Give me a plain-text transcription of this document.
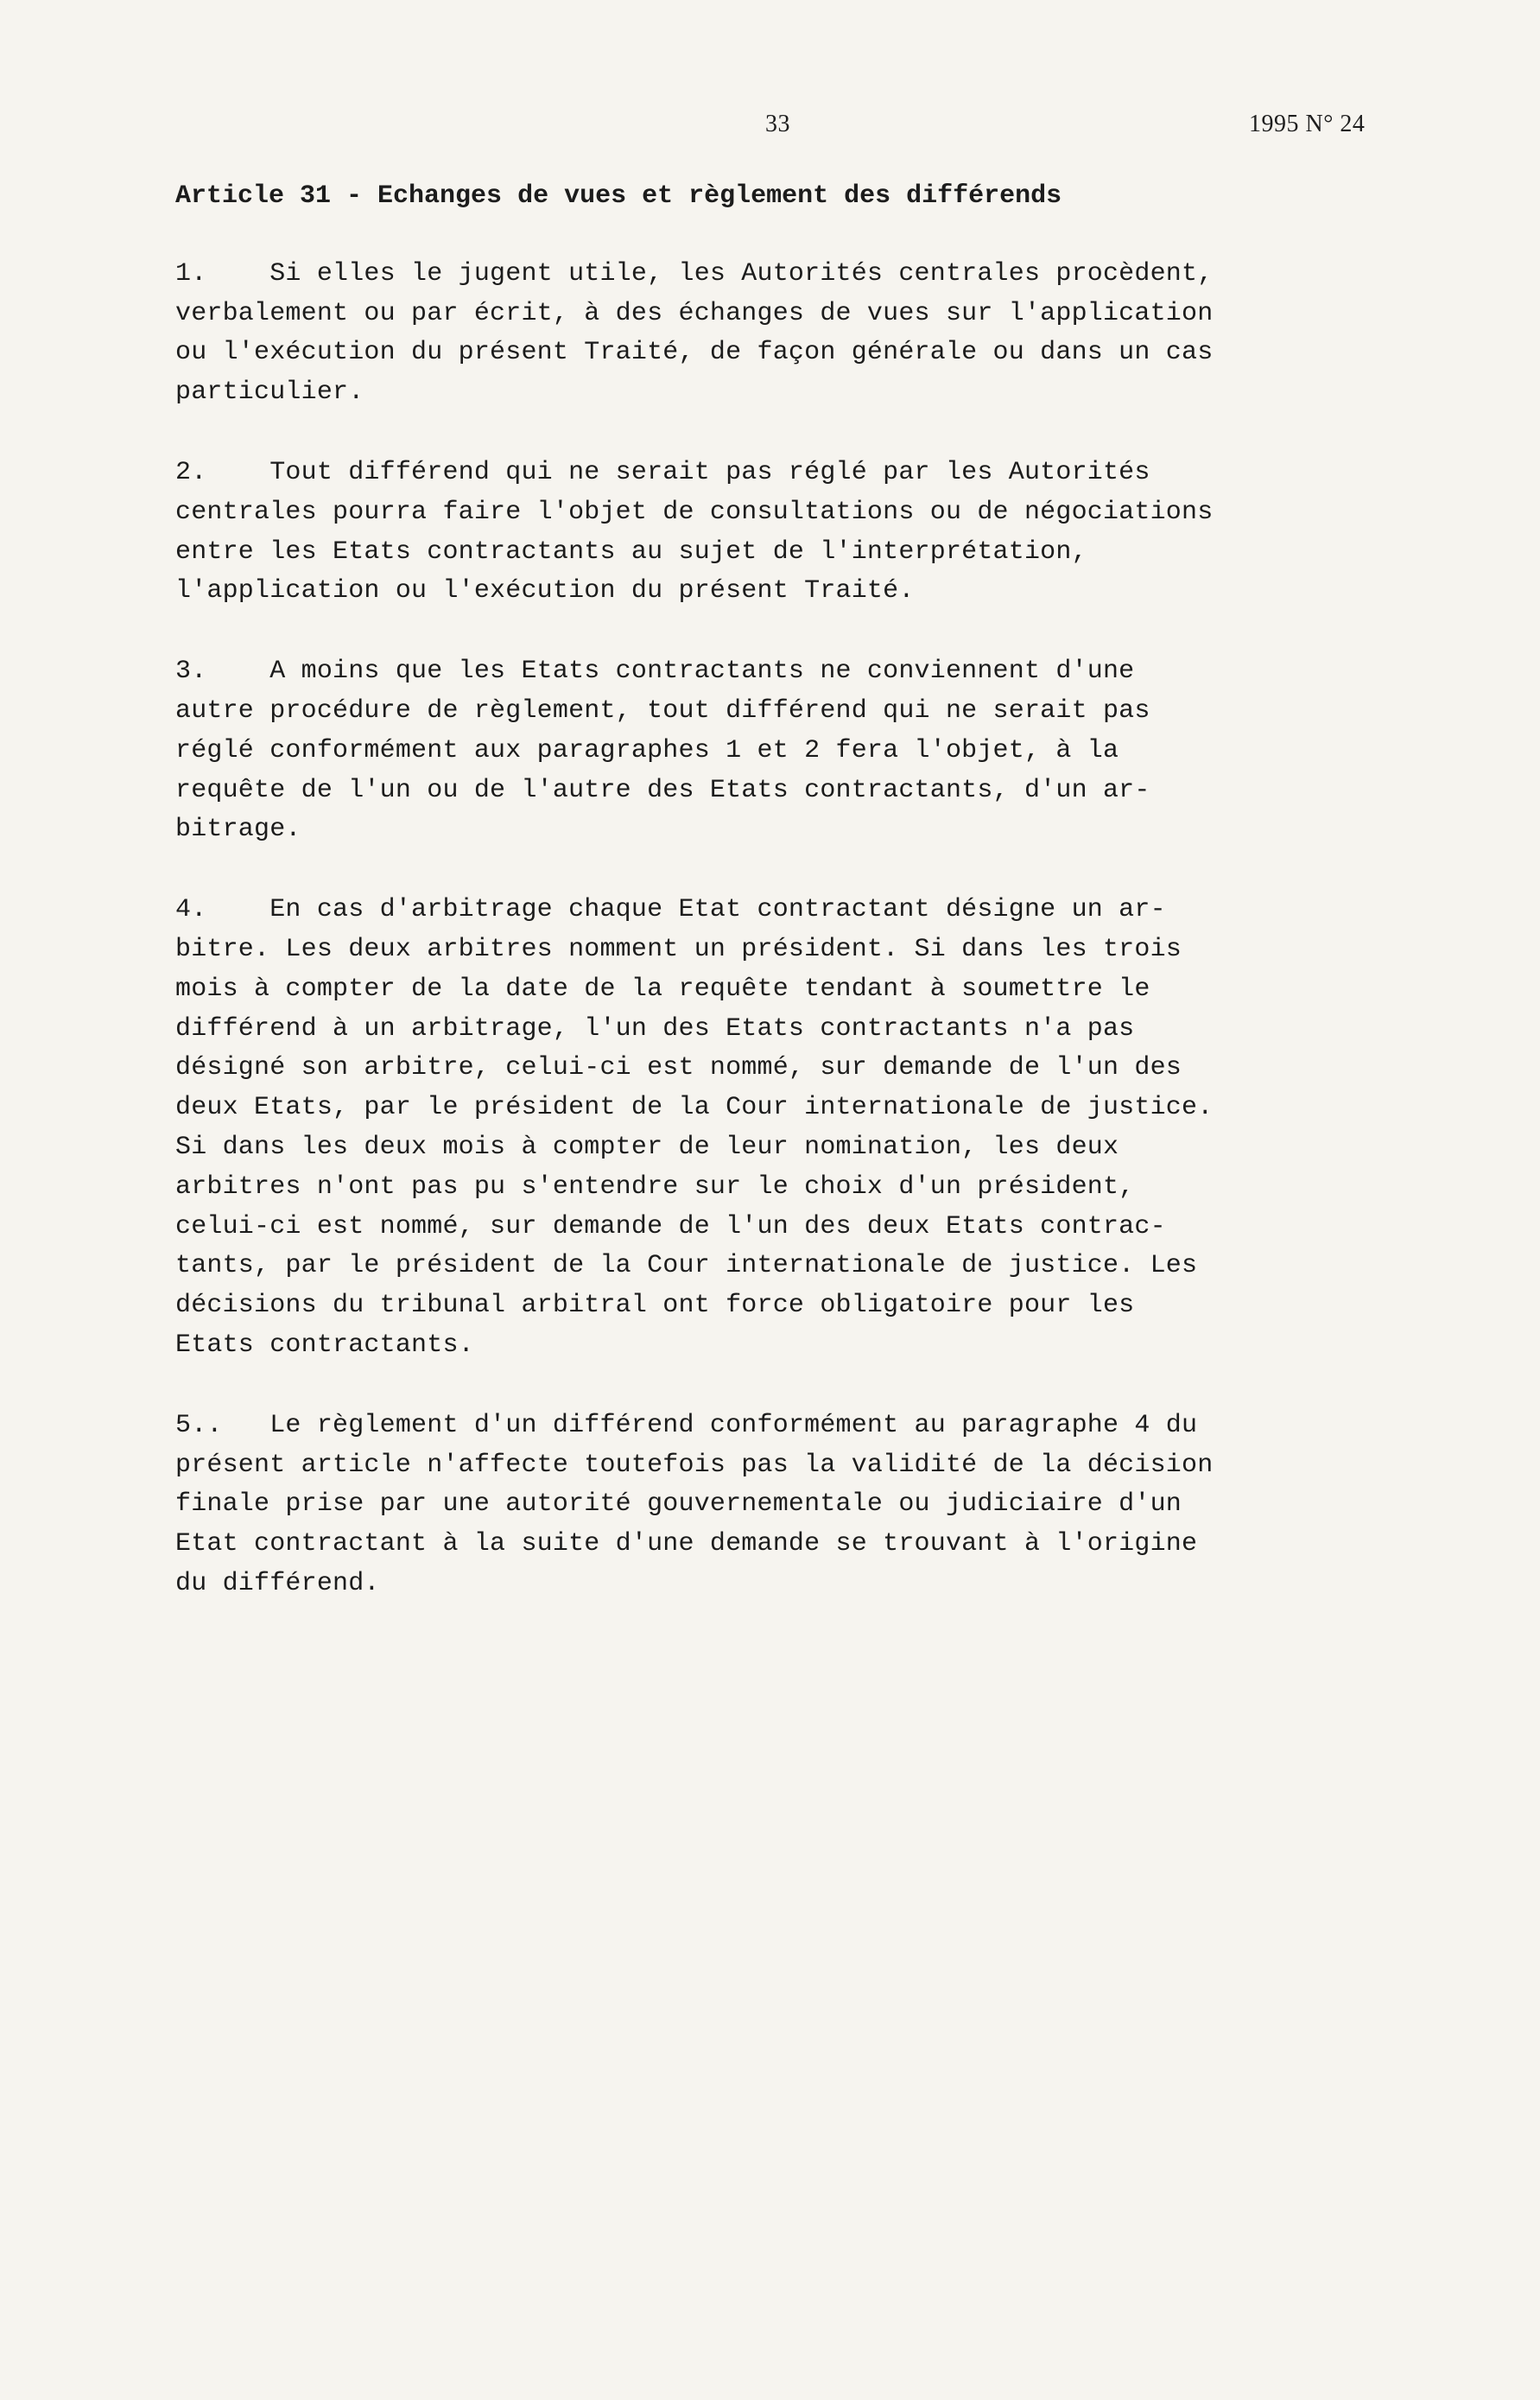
33	1995 N° 24
Article 31 - Echanges de vues et règlement des différends
1.    Si elles le jugent utile, les Autorités centrales procèdent,
verbalement ou par écrit, à des échanges de vues sur l'application
ou l'exécution du présent Traité, de façon générale ou dans un cas
particulier.
2.    Tout différend qui ne serait pas réglé par les Autorités
centrales pourra faire l'objet de consultations ou de négociations
entre les Etats contractants au sujet de l'interprétation,
l'application ou l'exécution du présent Traité.
3.    A moins que les Etats contractants ne conviennent d'une
autre procédure de règlement, tout différend qui ne serait pas
réglé conformément aux paragraphes 1 et 2 fera l'objet, à la
requête de l'un ou de l'autre des Etats contractants, d'un ar-
bitrage.
4.    En cas d'arbitrage chaque Etat contractant désigne un ar-
bitre. Les deux arbitres nomment un président. Si dans les trois
mois à compter de la date de la requête tendant à soumettre le
différend à un arbitrage, l'un des Etats contractants n'a pas
désigné son arbitre, celui-ci est nommé, sur demande de l'un des
deux Etats, par le président de la Cour internationale de justice.
Si dans les deux mois à compter de leur nomination, les deux
arbitres n'ont pas pu s'entendre sur le choix d'un président,
celui-ci est nommé, sur demande de l'un des deux Etats contrac-
tants, par le président de la Cour internationale de justice. Les
décisions du tribunal arbitral ont force obligatoire pour les
Etats contractants.
5..   Le règlement d'un différend conformément au paragraphe 4 du
présent article n'affecte toutefois pas la validité de la décision
finale prise par une autorité gouvernementale ou judiciaire d'un
Etat contractant à la suite d'une demande se trouvant à l'origine
du différend.
